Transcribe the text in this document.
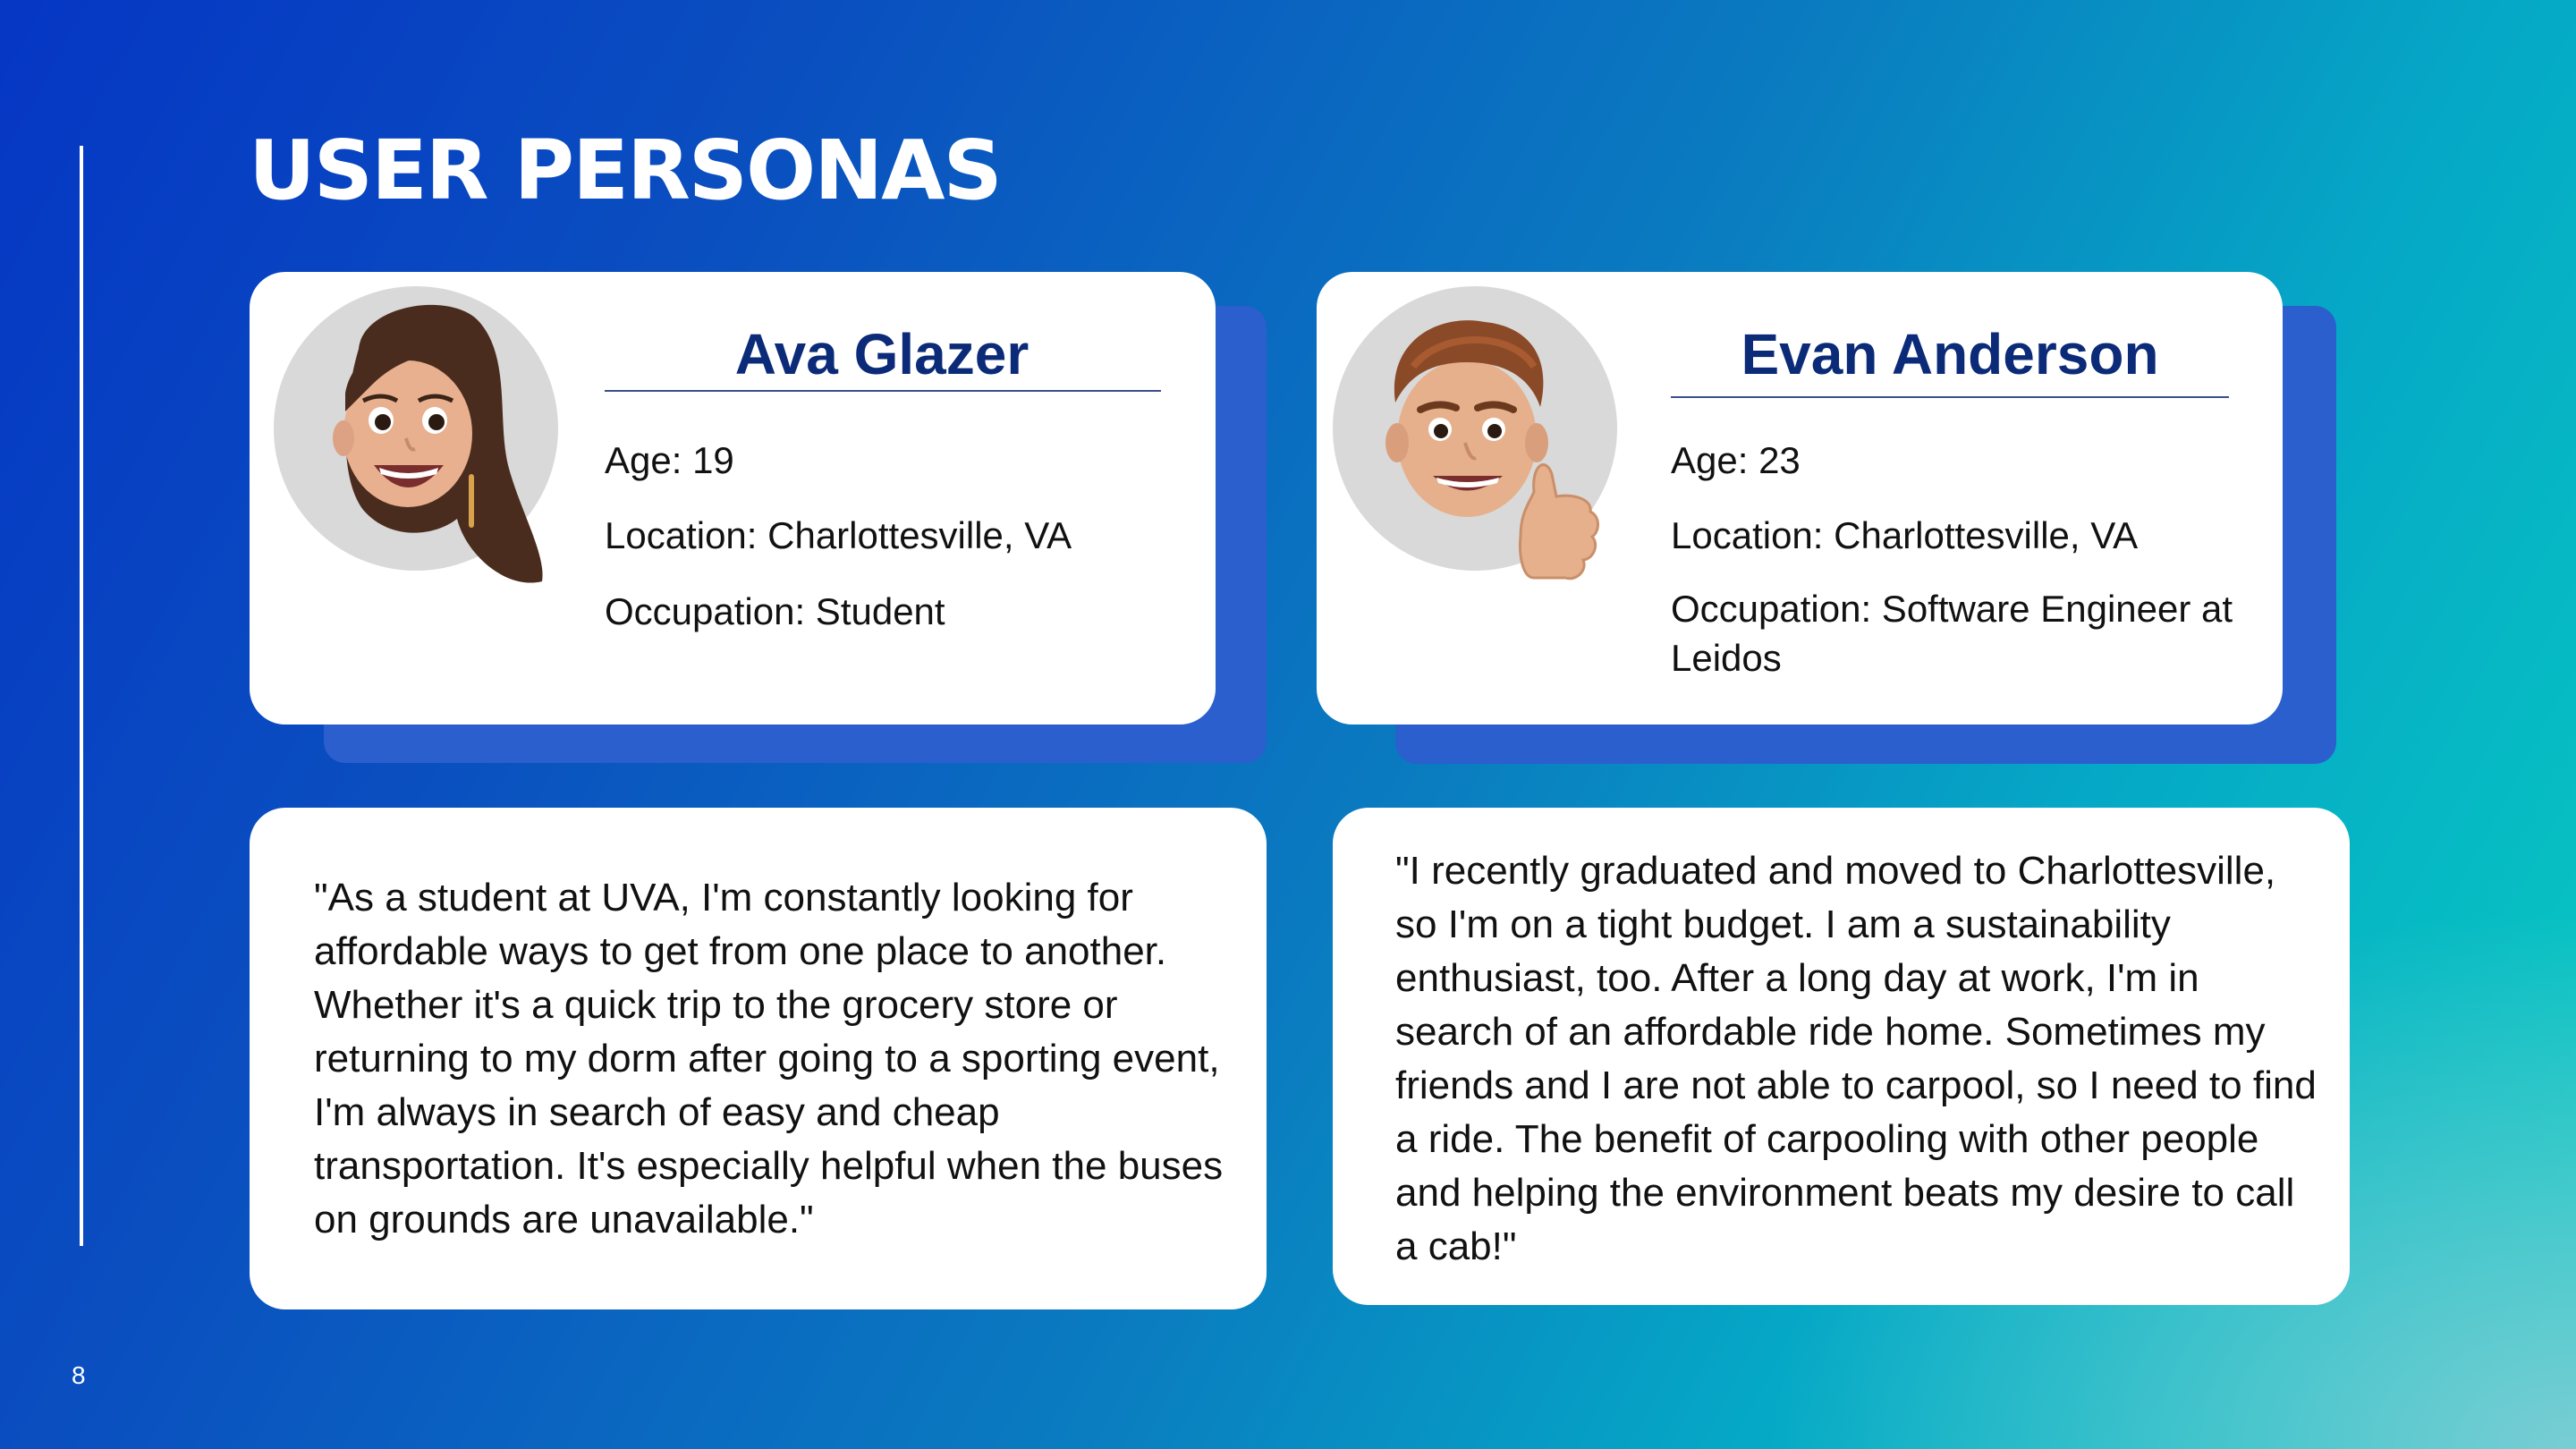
USER PERSONAS
8
Ava Glazer
Age: 19
Location: Charlottesville, VA
Occupation: Student
"As a student at UVA, I'm constantly looking for affordable ways to get from one place to another. Whether it's a quick trip to the grocery store or returning to my dorm after going to a sporting event, I'm always in search of easy and cheap transportation. It's especially helpful when the buses on grounds are unavailable."
Evan Anderson
Age: 23
Location: Charlottesville, VA
Occupation: Software Engineer at Leidos
"I recently graduated and moved to Charlottesville, so I'm on a tight budget. I am a sustainability enthusiast, too. After a long day at work, I'm in search of an affordable ride home. Sometimes my friends and I are not able to carpool, so I need to find a ride. The benefit of carpooling with other people and helping the environment beats my desire to call a cab!"
